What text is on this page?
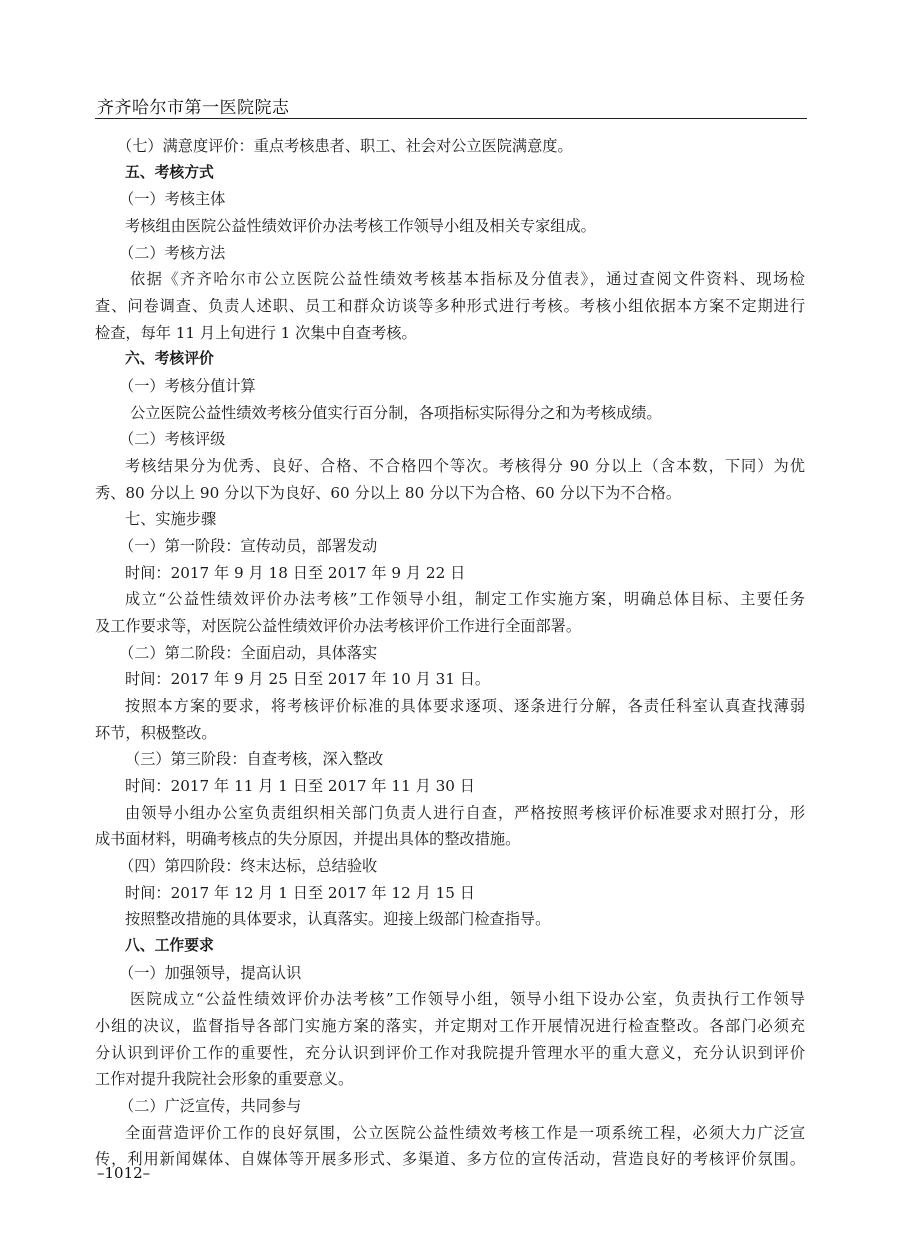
齐齐哈尔市第一医院院志
（七）满意度评价：重点考核患者、职工、社会对公立医院满意度。
五、考核方式
（一）考核主体
考核组由医院公益性绩效评价办法考核工作领导小组及相关专家组成。
（二）考核方法
依据《齐齐哈尔市公立医院公益性绩效考核基本指标及分值表》，通过查阅文件资料、现场检
查、问卷调查、负责人述职、员工和群众访谈等多种形式进行考核。考核小组依据本方案不定期进行
检查，每年 11 月上旬进行 1 次集中自查考核。
六、考核评价
（一）考核分值计算
公立医院公益性绩效考核分值实行百分制，各项指标实际得分之和为考核成绩。
（二）考核评级
考核结果分为优秀、良好、合格、不合格四个等次。考核得分 90 分以上（含本数，下同）为优
秀、80 分以上 90 分以下为良好、60 分以上 80 分以下为合格、60 分以下为不合格。
七、实施步骤
（一）第一阶段：宣传动员，部署发动
时间：2017 年 9 月 18 日至 2017 年 9 月 22 日
成立“公益性绩效评价办法考核”工作领导小组，制定工作实施方案，明确总体目标、主要任务
及工作要求等，对医院公益性绩效评价办法考核评价工作进行全面部署。
（二）第二阶段：全面启动，具体落实
时间：2017 年 9 月 25 日至 2017 年 10 月 31 日。
按照本方案的要求，将考核评价标准的具体要求逐项、逐条进行分解，各责任科室认真查找薄弱
环节，积极整改。
（三）第三阶段：自查考核，深入整改
时间：2017 年 11 月 1 日至 2017 年 11 月 30 日
由领导小组办公室负责组织相关部门负责人进行自查，严格按照考核评价标准要求对照打分，形
成书面材料，明确考核点的失分原因，并提出具体的整改措施。
（四）第四阶段：终末达标，总结验收
时间：2017 年 12 月 1 日至 2017 年 12 月 15 日
按照整改措施的具体要求，认真落实。迎接上级部门检查指导。
八、工作要求
（一）加强领导，提高认识
医院成立“公益性绩效评价办法考核”工作领导小组，领导小组下设办公室，负责执行工作领导
小组的决议，监督指导各部门实施方案的落实，并定期对工作开展情况进行检查整改。各部门必须充
分认识到评价工作的重要性，充分认识到评价工作对我院提升管理水平的重大意义，充分认识到评价
工作对提升我院社会形象的重要意义。
（二）广泛宣传，共同参与
全面营造评价工作的良好氛围，公立医院公益性绩效考核工作是一项系统工程，必须大力广泛宣
传，利用新闻媒体、自媒体等开展多形式、多渠道、多方位的宣传活动，营造良好的考核评价氛围。
–1012–
